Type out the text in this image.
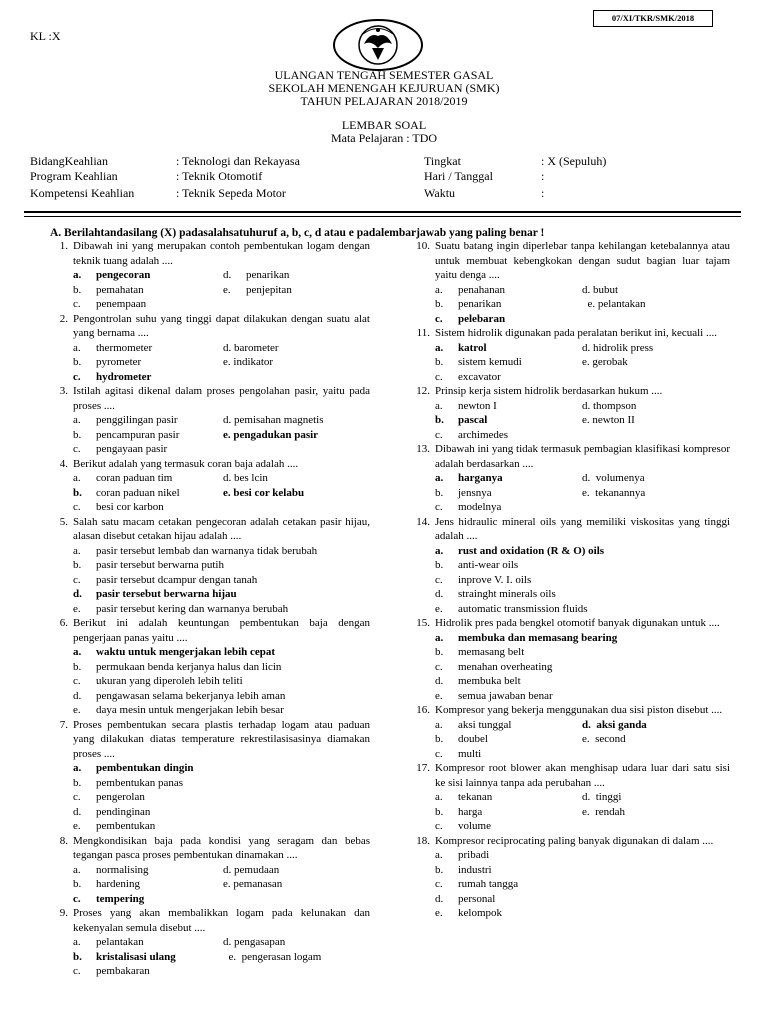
07/XI/TKR/SMK/2018
KL :X
ULANGAN TENGAH SEMESTER GASAL
SEKOLAH MENENGAH KEJURUAN (SMK)
TAHUN PELAJARAN 2018/2019
LEMBAR SOAL
Mata Pelajaran : TDO
BidangKeahlian	: Teknologi dan Rekayasa
Program Keahlian	: Teknik Otomotif
Kompetensi Keahlian	: Teknik Sepeda Motor
Tingkat	: X (Sepuluh)
Hari / Tanggal	:
Waktu	:
A. Berilahtandasilang (X) padasalahsatuhuruf a, b, c, d atau e padalembarjawab yang paling benar !
1. Dibawah ini yang merupakan contoh pembentukan logam dengan teknik tuang adalah ....
a.	pengecoran	d.	penarikan
b.	pemahatan	e.	penjepitan
c.	penempaan
2. Pengontrolan suhu yang tinggi dapat dilakukan dengan suatu alat yang bernama ....
a.	thermometer	d. barometer
b.	pyrometer	e. indikator
c.	hydrometer
3. Istilah agitasi dikenal dalam proses pengolahan pasir, yaitu pada proses ....
a.	penggilingan pasir	d. pemisahan magnetis
b.	pencampuran pasir	e. pengadukan pasir
c.	pengayaan pasir
4. Berikut adalah yang termasuk coran baja adalah ....
a.	coran paduan tim	d. bes lcin
b.	coran paduan nikel	e. besi cor kelabu
c.	besi cor karbon
5. Salah satu macam cetakan pengecoran adalah cetakan pasir hijau, alasan disebut cetakan hijau adalah ....
a.	pasir tersebut lembab dan warnanya tidak berubah
b.	pasir tersebut berwarna putih
c.	pasir tersebut dcampur dengan tanah
d.	pasir tersebut berwarna hijau
e.	pasir tersebut kering dan warnanya berubah
6. Berikut ini adalah keuntungan pembentukan baja dengan pengerjaan panas yaitu ....
a.	waktu untuk mengerjakan lebih cepat
b.	permukaan benda kerjanya halus dan licin
c.	ukuran yang diperoleh lebih teliti
d.	pengawasan selama bekerjanya lebih aman
e.	daya mesin untuk mengerjakan lebih besar
7. Proses pembentukan secara plastis terhadap logam atau paduan yang dilakukan diatas temperature rekrestilasisasinya diamakan proses ....
a.	pembentukan dingin
b.	pembentukan panas
c.	pengerolan
d.	pendinginan
e.	pembentukan
8. Mengkondisikan baja pada kondisi yang seragam dan bebas tegangan pasca proses pembentukan dinamakan ....
a.	normalising	d. pemudaan
b.	hardening	e. pemanasan
c.	tempering
9. Proses yang akan membalikkan logam pada kelunakan dan kekenyalan semula disebut ....
a.	pelantakan	d. pengasapan
b.	kristalisasi ulang	e.  pengerasan logam
c.	pembakaran
10. Suatu batang ingin diperlebar tanpa kehilangan ketebalannya atau untuk membuat kebengkokan dengan sudut bagian luar tajam yaitu denga ....
a.	penahanan	d. bubut
b.	penarikan	e. pelantakan
c.	pelebaran
11. Sistem hidrolik digunakan pada peralatan berikut ini, kecuali ....
a.	katrol	d. hidrolik press
b.	sistem kemudi	e. gerobak
c.	excavator
12. Prinsip kerja sistem hidrolik berdasarkan hukum ....
a.	newton I	d. thompson
b.	pascal	e. newton II
c.	archimedes
13. Dibawah ini yang tidak termasuk pembagian klasifikasi kompresor adalah berdasarkan ....
a.	harganya	d.  volumenya
b.	jensnya	e.  tekanannya
c.	modelnya
14. Jens hidraulic mineral oils yang memiliki viskositas yang tinggi adalah ....
a.	rust and oxidation (R & O) oils
b.	anti-wear oils
c.	inprove V. I. oils
d.	strainght minerals oils
e.	automatic transmission fluids
15. Hidrolik pres pada bengkel otomotif banyak digunakan untuk ....
a.	membuka dan memasang bearing
b.	memasang belt
c.	menahan overheating
d.	membuka belt
e.	semua jawaban benar
16. Kompresor yang bekerja menggunakan dua sisi piston disebut ....
a.	aksi tunggal	d.  aksi ganda
b.	doubel	e.  second
c.	multi
17. Kompresor root blower akan menghisap udara luar dari satu sisi ke sisi lainnya tanpa ada perubahan ....
a.	tekanan	d.  tinggi
b.	harga	e.  rendah
c.	volume
18. Kompresor reciprocating paling banyak digunakan di dalam ....
a.	pribadi
b.	industri
c.	rumah tangga
d.	personal
e.	kelompok
